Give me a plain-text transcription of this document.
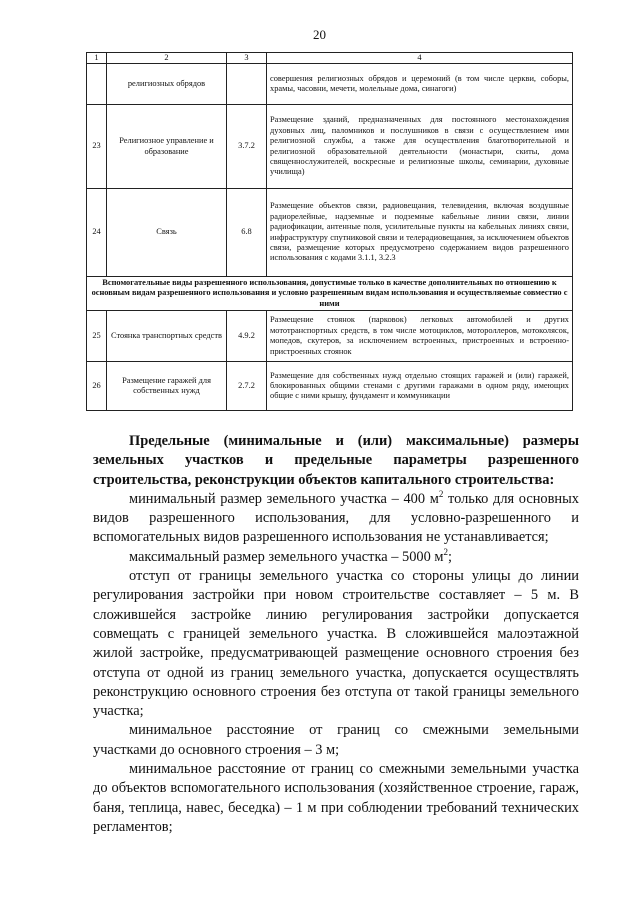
20
1	2	3	4
	религиозных обрядов		совершения религиозных обрядов и церемоний (в том числе церкви, соборы, храмы, часовни, мечети, молельные дома, синагоги)
23	Религиозное управление и образование	3.7.2	Размещение зданий, предназначенных для постоянного местонахождения духовных лиц, паломников и послушников в связи с осуществлением ими религиозной службы, а также для осуществления благотворительной и религиозной образовательной деятельности (монастыри, скиты, дома священнослужителей, воскресные и религиозные школы, семинарии, духовные училища)
24	Связь	6.8	Размещение объектов связи, радиовещания, телевидения, включая воздушные радиорелейные, надземные и подземные кабельные линии связи, линии радиофикации, антенные поля, усилительные пункты на кабельных линиях связи, инфраструктуру спутниковой связи и телерадиовещания, за исключением объектов связи, размещение которых предусмотрено содержанием видов разрешенного использования с кодами 3.1.1, 3.2.3
Вспомогательные виды разрешенного использования, допустимые только в качестве дополнительных по отношению к основным видам разрешенного использования и условно разрешенным видам использования и осуществляемые совместно с ними			
25	Стоянка транспортных средств	4.9.2	Размещение стоянок (парковок) легковых автомобилей и других мототранспортных средств, в том числе мотоциклов, мотороллеров, мотоколясок, мопедов, скутеров, за исключением встроенных, пристроенных и встроенно-пристроенных стоянок
26	Размещение гаражей для собственных нужд	2.7.2	Размещение для собственных нужд отдельно стоящих гаражей и (или) гаражей, блокированных общими стенами с другими гаражами в одном ряду, имеющих общие с ними крышу, фундамент и коммуникации

Предельные (минимальные и (или) максимальные) размеры земельных участков и предельные параметры разрешенного строительства, реконструкции объектов капитального строительства:

минимальный размер земельного участка – 400 $м^2$ только для основных видов разрешенного использования, для условно-разрешенного и вспомогательных видов разрешенного использования не устанавливается;

максимальный размер земельного участка – 5000 $м^2$;

отступ от границы земельного участка со стороны улицы до линии регулирования застройки при новом строительстве составляет – 5 м. В сложившейся застройке линию регулирования застройки допускается совмещать с границей земельного участка. В сложившейся малоэтажной жилой застройке, предусматривающей размещение основного строения без отступа от одной из границ земельного участка, допускается осуществлять реконструкцию основного строения без отступа от такой границы земельного участка;

минимальное расстояние от границ со смежными земельными участками до основного строения – 3 м;

минимальное расстояние от границ со смежными земельными участка до объектов вспомогательного использования (хозяйственное строение, гараж, баня, теплица, навес, беседка) – 1 м при соблюдении требований технических регламентов;
